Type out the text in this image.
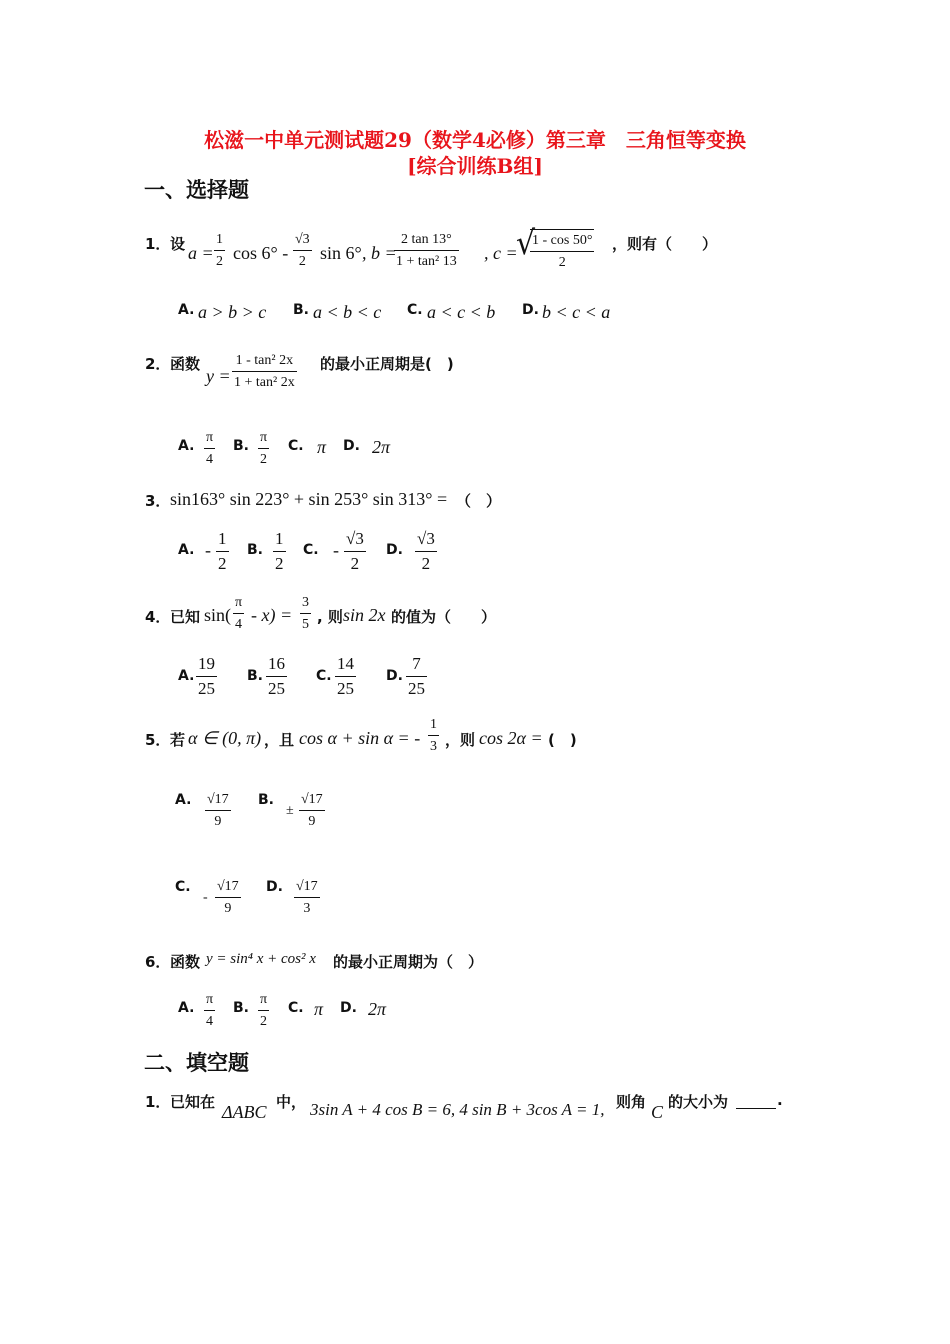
松滋一中单元测试题29（数学4必修）第三章　三角恒等变换
[综合训练B组]
一、选择题
1． 设 $a = \frac{1}{2}$ $\cos 6^\circ - \frac{√3}{2}$ sin 6° , b =
$\frac{2 \tan 13^\circ}{\text{1 + tan² 13}}$ , c =
√
$\frac{1 - \cos 50^\circ}{2}$ ，则有（　　）
A. a > b > c B. a < b < c C. a < c < b D. b < c < a
2． 函数
$y = \frac{\text{1 - tan² 2x}}{\text{1 + tan² 2x}}$ 的最小正周期是(　)
A. $\frac{\pi}{4} B$. $\frac{\pi}{2} C$. π D. 2π
3． sin163° sin 223° + sin 253° sin 313° = （　）
A. - $\frac{1}{2} B$. $\frac{1}{2} C$. - $\frac{√3}{2} D$. $\frac{√3}{2}$
4． 已知 $\sin( \frac{\pi}{4} - x) = \frac{3}{5}$ , 则 sin 2x 的值为（　　）
A. $\frac{19}{25} B$. $\frac{16}{25} C$. $\frac{14}{25} D$. $\frac{7}{25}$
5． 若 α ∈ (0, π) ，且 cos α + sin α = - $\frac{1}{3}$ ，则 cos 2α = (　)
A. $\frac{√17}{9} B$.
± $\frac{√17}{9}$
C.
- $\frac{√17}{9} D$. $\frac{√17}{3}$
6． 函数 y = sin⁴ x + cos² x 的最小正周期为（　）
A. $\frac{\pi}{4} B$. $\frac{\pi}{2} C$. π D. 2π
二、填空题
1． 已知在 ΔABC 中， 3sin A + 4 cos B = 6, 4 sin B + 3cos A = 1, 则角 C 的大小为	.
